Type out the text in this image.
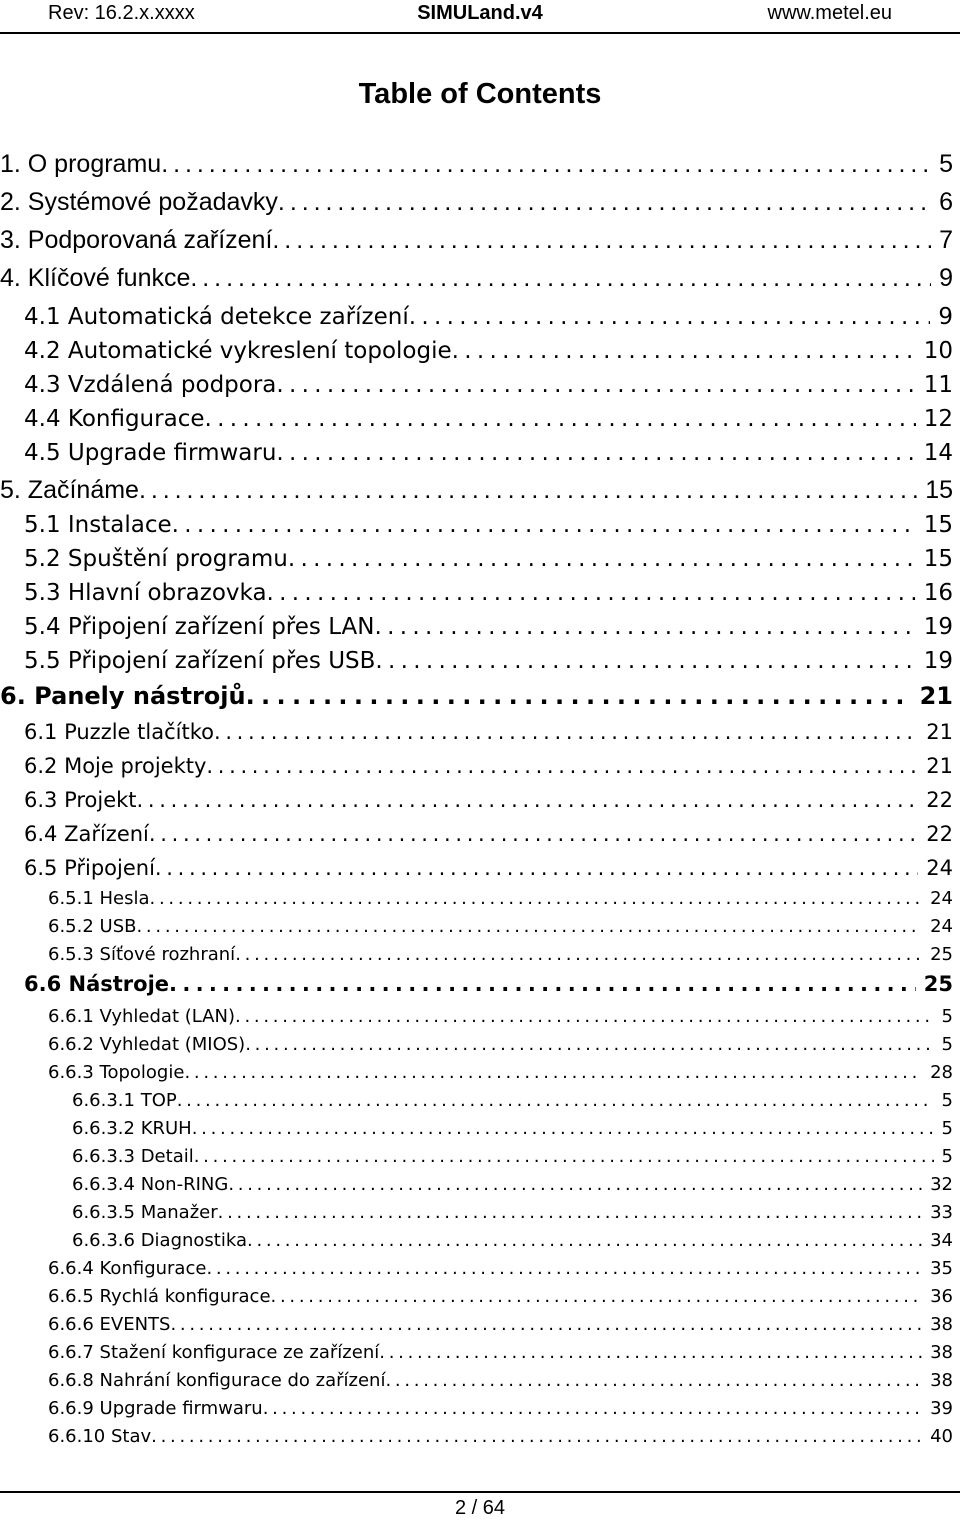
Rev: 16.2.x.xxxx	SIMULand.v4	www.metel.eu
Table of Contents
1. O programu . . .	5
2. Systémové požadavky . . .	6
3. Podporovaná zařízení . . .	7
4. Klíčové funkce . . .	9
4.1 Automatická detekce zařízení . . .	9
4.2 Automatické vykreslení topologie . . .	10
4.3 Vzdálená podpora . . .	11
4.4 Konfigurace . . .	12
4.5 Upgrade firmwaru . . .	14
5. Začínáme . . .	15
5.1 Instalace . . .	15
5.2 Spuštění programu . . .	15
5.3 Hlavní obrazovka . . .	16
5.4 Připojení zařízení přes LAN . . .	19
5.5 Připojení zařízení přes USB . . .	19
6. Panely nástrojů . . .	21
6.1 Puzzle tlačítko . . .	21
6.2 Moje projekty . . .	21
6.3 Projekt . . .	22
6.4 Zařízení . . .	22
6.5 Připojení . . .	24
6.5.1 Hesla . . .	24
6.5.2 USB . . .	24
6.5.3 Síťové rozhraní . . .	25
6.6 Nástroje . . .	25
6.6.1 Vyhledat (LAN) . . .	5
6.6.2 Vyhledat (MIOS) . . .	5
6.6.3 Topologie . . .	28
6.6.3.1 TOP . . .	5
6.6.3.2 KRUH . . .	5
6.6.3.3 Detail . . .	5
6.6.3.4 Non-RING . . .	32
6.6.3.5 Manažer . . .	33
6.6.3.6 Diagnostika . . .	34
6.6.4 Konfigurace . . .	35
6.6.5 Rychlá konfigurace . . .	36
6.6.6 EVENTS . . .	38
6.6.7 Stažení konfigurace ze zařízení . . .	38
6.6.8 Nahrání konfigurace do zařízení . . .	38
6.6.9 Upgrade firmwaru . . .	39
6.6.10 Stav . . .	40
2 / 64
